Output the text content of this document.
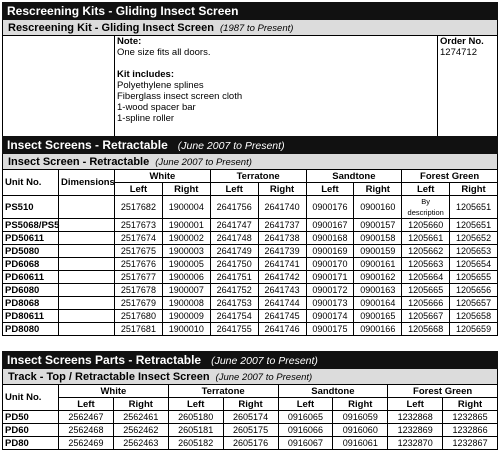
Rescreening Kits - Gliding Insect Screen
Rescreening Kit - Gliding Insect Screen (1987 to Present)

Note:
One size fits all doors.
Kit includes:
Polyethylene splines
Fiberglass insect screen cloth
1-wood spacer bar
1-spline roller

Order No.
1274712
Insect Screens - Retractable (June 2007 to Present)
Insect Screen - Retractable (June 2007 to Present)
Unit No.	Dimensions	White		Terratone		Sandtone		Forest Green	
		Left	Right	Left	Right	Left	Right	Left	Right
PS510		2517682	1900004	2641756	2641740	0900176	0900160	By description	1205651
PS5068/PS5		2517673	1900001	2641747	2641737	0900167	0900157	1205660	1205651
PD50611		2517674	1900002	2641748	2641738	0900168	0900158	1205661	1205652
PD5080		2517675	1900003	2641749	2641739	0900169	0900159	1205662	1205653
PD6068		2517676	1900005	2641750	2641741	0900170	0900161	1205663	1205654
PD60611		2517677	1900006	2641751	2641742	0900171	0900162	1205664	1205655
PD6080		2517678	1900007	2641752	2641743	0900172	0900163	1205665	1205656
PD8068		2517679	1900008	2641753	2641744	0900173	0900164	1205666	1205657
PD80611		2517680	1900009	2641754	2641745	0900174	0900165	1205667	1205658
PD8080		2517681	1900010	2641755	2641746	0900175	0900166	1205668	1205659
Insect Screens Parts - Retractable (June 2007 to Present)
Track - Top / Retractable Insect Screen (June 2007 to Present)
Unit No.	White		Terratone		Sandtone		Forest Green	
	Left	Right	Left	Right	Left	Right	Left	Right
PD50	2562467	2562461	2605180	2605174	0916065	0916059	1232868	1232865
PD60	2562468	2562462	2605181	2605175	0916066	0916060	1232869	1232866
PD80	2562469	2562463	2605182	2605176	0916067	0916061	1232870	1232867
